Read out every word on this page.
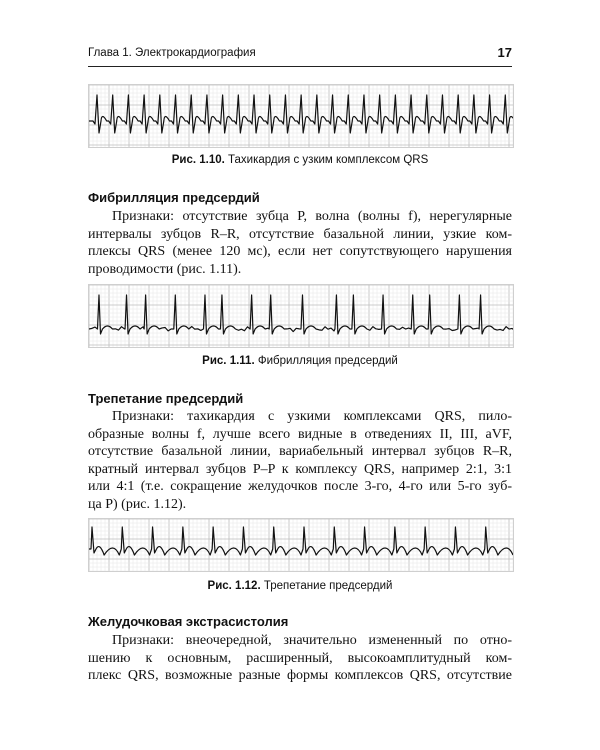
Глава 1. Электрокардиография	17
Рис. 1.10. Тахикардия с узким комплексом QRS
Фибрилляция предсердий
Признаки: отсутствие зубца P, волна (волны f), нерегулярные
интервалы зубцов R–R, отсутствие базальной линии, узкие ком-
плексы QRS (менее 120 мс), если нет сопутствующего нарушения
проводимости (рис. 1.11).
Рис. 1.11. Фибрилляция предсердий
Трепетание предсердий
Признаки: тахикардия с узкими комплексами QRS, пило-
образные волны f, лучше всего видные в отведениях II, III, aVF,
отсутствие базальной линии, вариабельный интервал зубцов R–R,
кратный интервал зубцов P–P к комплексу QRS, например 2:1, 3:1
или 4:1 (т.е. сокращение желудочков после 3-го, 4-го или 5-го зуб-
ца P) (рис. 1.12).
Рис. 1.12. Трепетание предсердий
Желудочковая экстрасистолия
Признаки: внеочередной, значительно измененный по отно-
шению к основным, расширенный, высокоамплитудный ком-
плекс QRS, возможные разные формы комплексов QRS, отсутствие
